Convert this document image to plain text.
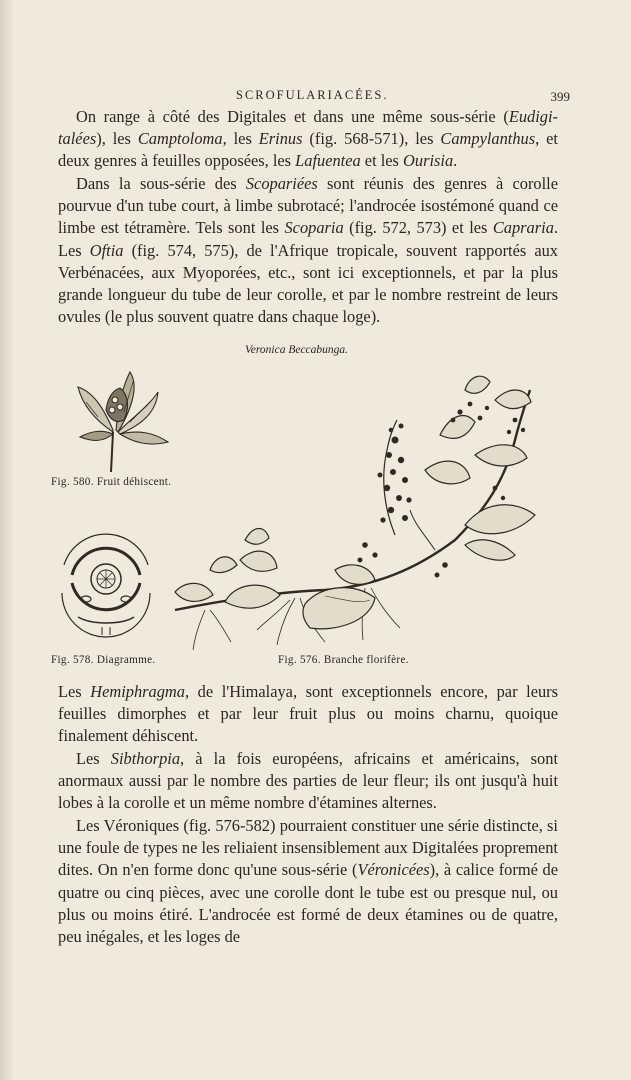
SCROFULARIACÉES.	399
On range à côté des Digitales et dans une même sous-série (Eudigi-talées), les Camptoloma, les Erinus (fig. 568-571), les Campylanthus, et deux genres à feuilles opposées, les Lafuentea et les Ourisia.
Dans la sous-série des Scopariées sont réunis des genres à corolle pourvue d'un tube court, à limbe subrotacé; l'androcée isostémoné quand ce limbe est tétramère. Tels sont les Scoparia (fig. 572, 573) et les Capraria. Les Oftia (fig. 574, 575), de l'Afrique tropicale, souvent rapportés aux Verbénacées, aux Myoporées, etc., sont ici exceptionnels, et par la plus grande longueur du tube de leur corolle, et par le nombre restreint de leurs ovules (le plus souvent quatre dans chaque loge).
Veronica Beccabunga.
Fig. 580. Fruit déhiscent.
Fig. 578. Diagramme.	Fig. 576. Branche florifère.
Les Hemiphragma, de l'Himalaya, sont exceptionnels encore, par leurs feuilles dimorphes et par leur fruit plus ou moins charnu, quoique finalement déhiscent.
Les Sibthorpia, à la fois européens, africains et américains, sont anormaux aussi par le nombre des parties de leur fleur; ils ont jusqu'à huit lobes à la corolle et un même nombre d'étamines alternes.
Les Véroniques (fig. 576-582) pourraient constituer une série distincte, si une foule de types ne les reliaient insensiblement aux Digitalées proprement dites. On n'en forme donc qu'une sous-série (Véronicées), à calice formé de quatre ou cinq pièces, avec une corolle dont le tube est ou presque nul, ou plus ou moins étiré. L'androcée est formé de deux étamines ou de quatre, peu inégales, et les loges de
